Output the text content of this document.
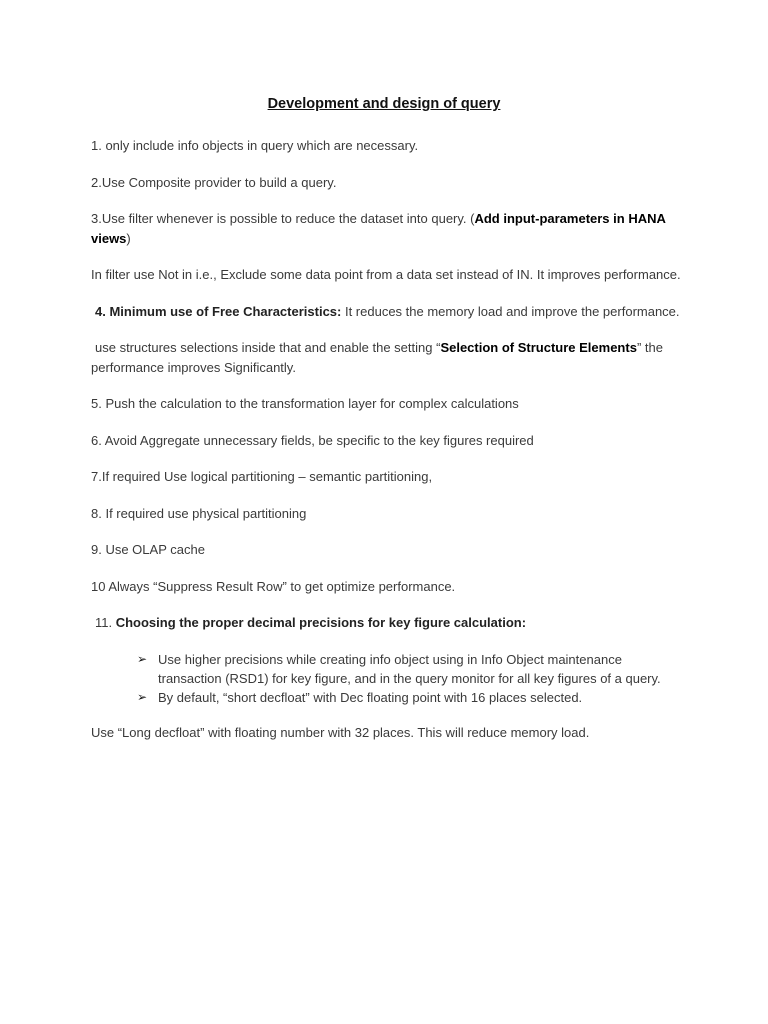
Development and design of query

1. only include info objects in query which are necessary.

2.Use Composite provider to build a query.

3.Use filter whenever is possible to reduce the dataset into query. (Add input-parameters in HANA views)

In filter use Not in i.e., Exclude some data point from a data set instead of IN. It improves performance.

4. Minimum use of Free Characteristics: It reduces the memory load and improve the performance.

use structures selections inside that and enable the setting “Selection of Structure Elements” the performance improves Significantly.

5. Push the calculation to the transformation layer for complex calculations

6. Avoid Aggregate unnecessary fields, be specific to the key figures required

7.If required Use logical partitioning – semantic partitioning,

8. If required use physical partitioning

9. Use OLAP cache

10 Always “Suppress Result Row” to get optimize performance.

11. Choosing the proper decimal precisions for key figure calculation:

➢ Use higher precisions while creating info object using in Info Object maintenance transaction (RSD1) for key figure, and in the query monitor for all key figures of a query.
➢ By default, “short decfloat” with Dec floating point with 16 places selected.

Use “Long decfloat” with floating number with 32 places. This will reduce memory load.
